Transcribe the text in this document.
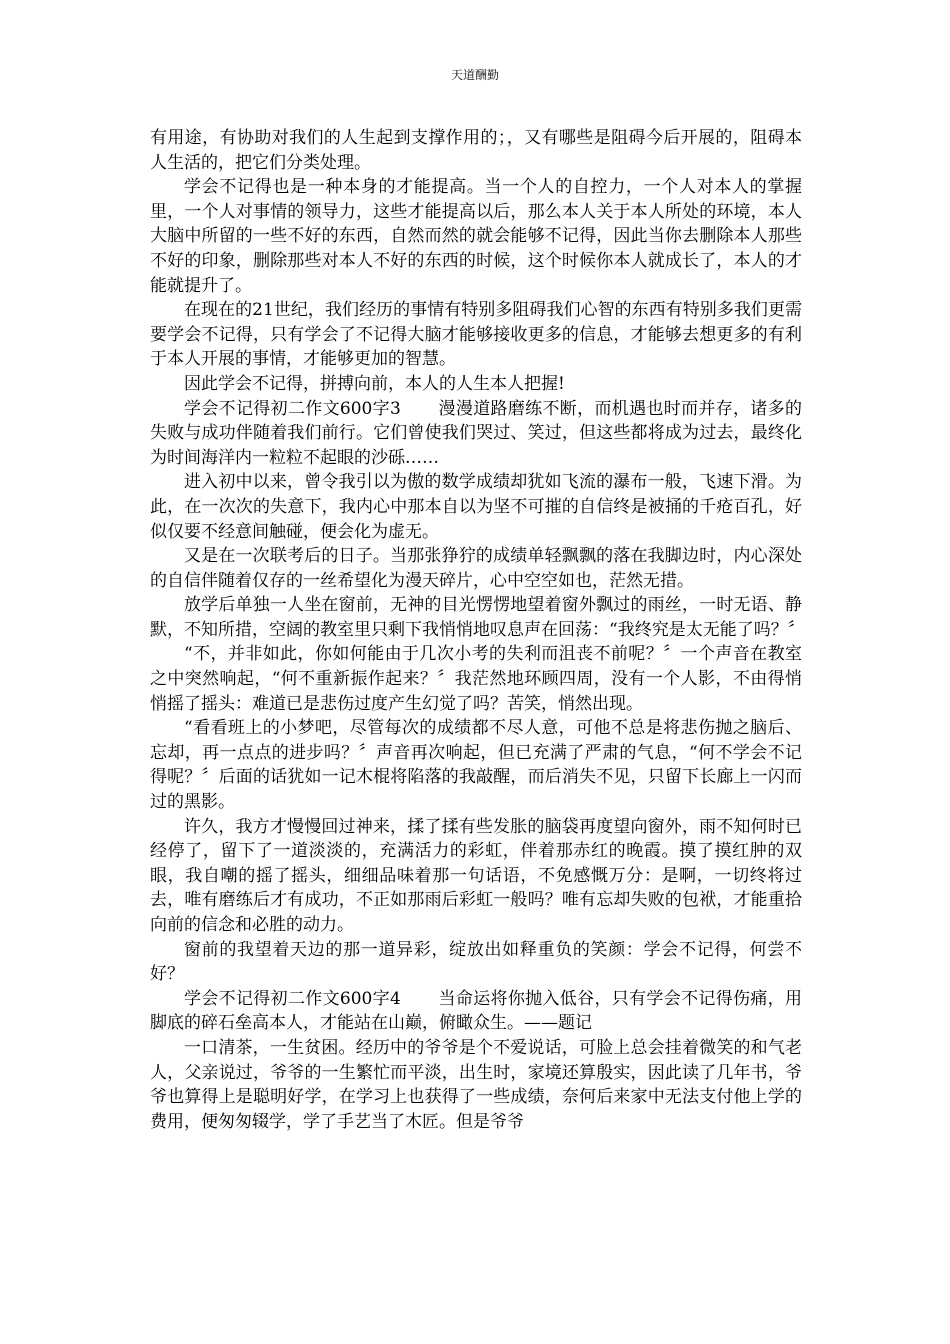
天道酬勤

有用途，有协助对我们的人生起到支撑作用的；，又有哪些是阻碍今后开展的，阻碍本人生活的，把它们分类处理。

学会不记得也是一种本身的才能提高。当一个人的自控力，一个人对本人的掌握里，一个人对事情的领导力，这些才能提高以后，那么本人关于本人所处的环境，本人大脑中所留的一些不好的东西，自然而然的就会能够不记得，因此当你去删除本人那些不好的印象，删除那些对本人不好的东西的时候，这个时候你本人就成长了，本人的才能就提升了。

在现在的21世纪，我们经历的事情有特别多阻碍我们心智的东西有特别多我们更需要学会不记得，只有学会了不记得大脑才能够接收更多的信息，才能够去想更多的有利于本人开展的事情，才能够更加的智慧。

因此学会不记得，拼搏向前，本人的人生本人把握!

学会不记得初二作文600字3 漫漫道路磨练不断，而机遇也时而并存，诸多的失败与成功伴随着我们前行。它们曾使我们哭过、笑过，但这些都将成为过去，最终化为时间海洋内一粒粒不起眼的沙砾……

进入初中以来，曾令我引以为傲的数学成绩却犹如飞流的瀑布一般，飞速下滑。为此，在一次次的失意下，我内心中那本自以为坚不可摧的自信终是被捅的千疮百孔，好似仅要不经意间触碰，便会化为虚无。

又是在一次联考后的日子。当那张狰狞的成绩单轻飘飘的落在我脚边时，内心深处的自信伴随着仅存的一丝希望化为漫天碎片，心中空空如也，茫然无措。

放学后单独一人坐在窗前，无神的目光愣愣地望着窗外飘过的雨丝，一时无语、静默，不知所措，空阔的教室里只剩下我悄悄地叹息声在回荡：“我终究是太无能了吗？〞

“不，并非如此，你如何能由于几次小考的失利而沮丧不前呢？〞一个声音在教室之中突然响起，“何不重新振作起来？〞我茫然地环顾四周，没有一个人影，不由得悄悄摇了摇头：难道已是悲伤过度产生幻觉了吗？苦笑，悄然出现。

“看看班上的小梦吧，尽管每次的成绩都不尽人意，可他不总是将悲伤抛之脑后、忘却，再一点点的进步吗？〞声音再次响起，但已充满了严肃的气息，“何不学会不记得呢？〞后面的话犹如一记木棍将陷落的我敲醒，而后消失不见，只留下长廊上一闪而过的黑影。

许久，我方才慢慢回过神来，揉了揉有些发胀的脑袋再度望向窗外，雨不知何时已经停了，留下了一道淡淡的，充满活力的彩虹，伴着那赤红的晚霞。摸了摸红肿的双眼，我自嘲的摇了摇头，细细品味着那一句话语，不免感慨万分：是啊，一切终将过去，唯有磨练后才有成功，不正如那雨后彩虹一般吗？唯有忘却失败的包袱，才能重拾向前的信念和必胜的动力。

窗前的我望着天边的那一道异彩，绽放出如释重负的笑颜：学会不记得，何尝不好？

学会不记得初二作文600字4 当命运将你抛入低谷，只有学会不记得伤痛，用脚底的碎石垒高本人，才能站在山巅，俯瞰众生。——题记

一口清茶，一生贫困。经历中的爷爷是个不爱说话，可脸上总会挂着微笑的和气老人，父亲说过，爷爷的一生繁忙而平淡，出生时，家境还算殷实，因此读了几年书，爷爷也算得上是聪明好学，在学习上也获得了一些成绩，奈何后来家中无法支付他上学的费用，便匆匆辍学，学了手艺当了木匠。但是爷爷
